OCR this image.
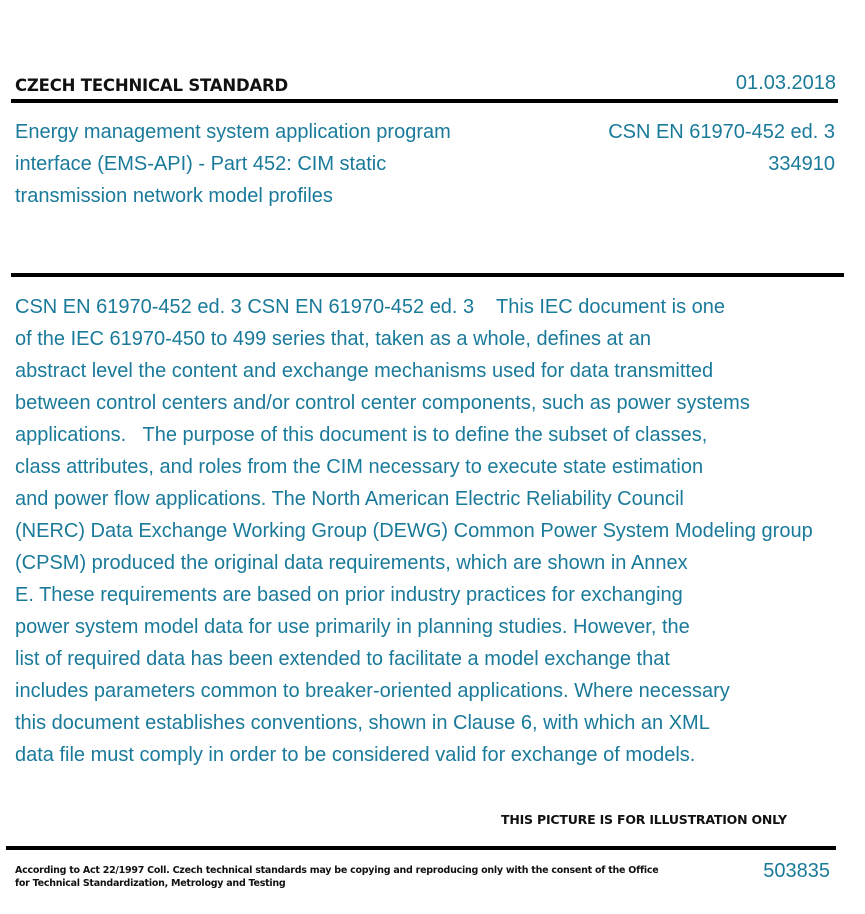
CZECH TECHNICAL STANDARD	01.03.2018
Energy management system application program
interface (EMS-API) - Part 452: CIM static
transmission network model profiles
CSN EN 61970-452 ed. 3
334910
CSN EN 61970-452 ed. 3 CSN EN 61970-452 ed. 3    This IEC document is one
of the IEC 61970-450 to 499 series that, taken as a whole, defines at an
abstract level the content and exchange mechanisms used for data transmitted
between control centers and/or control center components, such as power systems
applications.   The purpose of this document is to define the subset of classes,
class attributes, and roles from the CIM necessary to execute state estimation
and power flow applications. The North American Electric Reliability Council
(NERC) Data Exchange Working Group (DEWG) Common Power System Modeling group
(CPSM) produced the original data requirements, which are shown in Annex
E. These requirements are based on prior industry practices for exchanging
power system model data for use primarily in planning studies. However, the
list of required data has been extended to facilitate a model exchange that
includes parameters common to breaker-oriented applications. Where necessary
this document establishes conventions, shown in Clause 6, with which an XML
data file must comply in order to be considered valid for exchange of models.
THIS PICTURE IS FOR ILLUSTRATION ONLY
According to Act 22/1997 Coll. Czech technical standards may be copying and reproducing only with the consent of the Office
for Technical Standardization, Metrology and Testing
503835
